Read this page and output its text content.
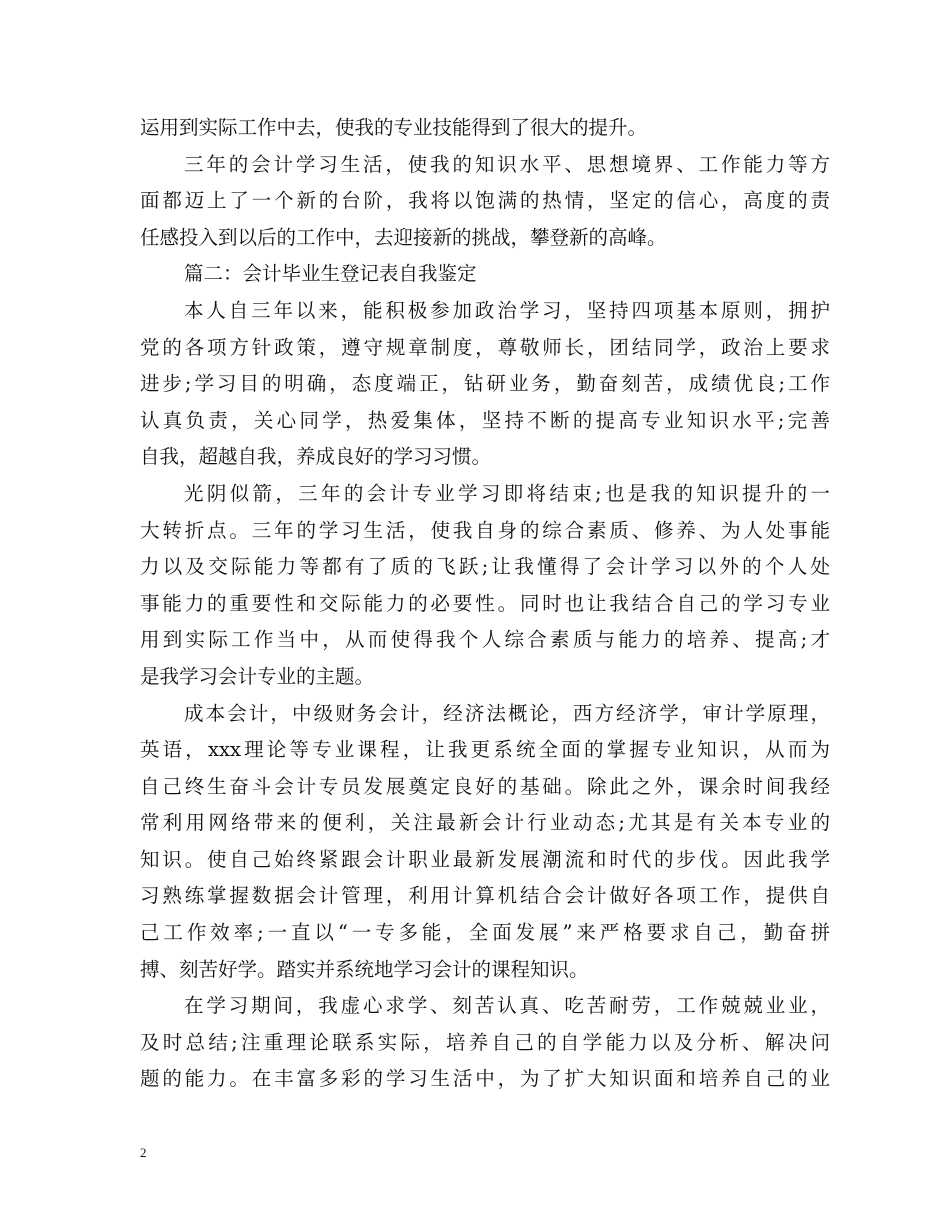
运用到实际工作中去，使我的专业技能得到了很大的提升。
三年的会计学习生活，使我的知识水平、思想境界、工作能力等方
面都迈上了一个新的台阶，我将以饱满的热情，坚定的信心，高度的责
任感投入到以后的工作中，去迎接新的挑战，攀登新的高峰。
篇二：会计毕业生登记表自我鉴定
本人自三年以来，能积极参加政治学习，坚持四项基本原则，拥护
党的各项方针政策，遵守规章制度，尊敬师长，团结同学，政治上要求
进步;学习目的明确，态度端正，钻研业务，勤奋刻苦，成绩优良;工作
认真负责，关心同学，热爱集体，坚持不断的提高专业知识水平;完善
自我，超越自我，养成良好的学习习惯。
光阴似箭，三年的会计专业学习即将结束;也是我的知识提升的一
大转折点。三年的学习生活，使我自身的综合素质、修养、为人处事能
力以及交际能力等都有了质的飞跃;让我懂得了会计学习以外的个人处
事能力的重要性和交际能力的必要性。同时也让我结合自己的学习专业
用到实际工作当中，从而使得我个人综合素质与能力的培养、提高;才
是我学习会计专业的主题。
成本会计，中级财务会计，经济法概论，西方经济学，审计学原理，
英语，xxx理论等专业课程，让我更系统全面的掌握专业知识，从而为
自己终生奋斗会计专员发展奠定良好的基础。除此之外，课余时间我经
常利用网络带来的便利，关注最新会计行业动态;尤其是有关本专业的
知识。使自己始终紧跟会计职业最新发展潮流和时代的步伐。因此我学
习熟练掌握数据会计管理，利用计算机结合会计做好各项工作，提供自
己工作效率;一直以“一专多能，全面发展”来严格要求自己，勤奋拼
搏、刻苦好学。踏实并系统地学习会计的课程知识。
在学习期间，我虚心求学、刻苦认真、吃苦耐劳，工作兢兢业业，
及时总结;注重理论联系实际，培养自己的自学能力以及分析、解决问
题的能力。在丰富多彩的学习生活中，为了扩大知识面和培养自己的业
2
